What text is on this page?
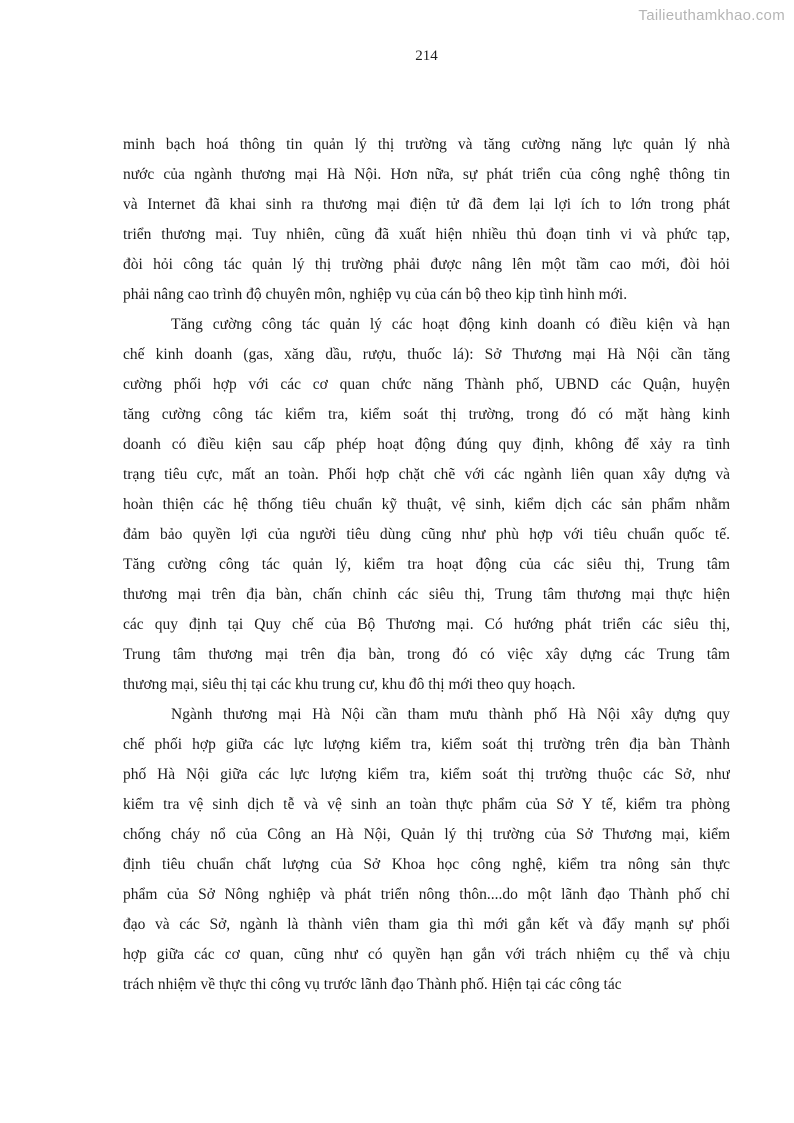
Tailieuthamkhao.com
214
minh bạch hoá thông tin quản lý thị trường và tăng cường năng lực quản lý nhà
nước của ngành thương mại Hà Nội. Hơn nữa, sự phát triển của công nghệ thông tin
và Internet đã khai sinh ra thương mại điện tử đã đem lại lợi ích to lớn trong phát
triển thương mại. Tuy nhiên, cũng đã xuất hiện nhiều thủ đoạn tinh vi và phức tạp,
đòi hỏi công tác quản lý thị trường phải được nâng lên một tầm cao mới, đòi hỏi
phải nâng cao trình độ chuyên môn, nghiệp vụ của cán bộ theo kịp tình hình mới.
Tăng cường công tác quản lý các hoạt động kinh doanh có điều kiện và hạn
chế kinh doanh (gas, xăng dầu, rượu, thuốc lá): Sở Thương mại Hà Nội cần tăng
cường phối hợp với các cơ quan chức năng Thành phố, UBND các Quận, huyện
tăng cường công tác kiểm tra, kiểm soát thị trường, trong đó có mặt hàng kinh
doanh có điều kiện sau cấp phép hoạt động đúng quy định, không để xảy ra tình
trạng tiêu cực, mất an toàn. Phối hợp chặt chẽ với các ngành liên quan xây dựng và
hoàn thiện các hệ thống tiêu chuẩn kỹ thuật, vệ sinh, kiểm dịch các sản phẩm nhằm
đảm bảo quyền lợi của người tiêu dùng cũng như phù hợp với tiêu chuẩn quốc tế.
Tăng cường công tác quản lý, kiểm tra hoạt động của các siêu thị, Trung tâm
thương mại trên địa bàn, chấn chỉnh các siêu thị, Trung tâm thương mại thực hiện
các quy định tại Quy chế của Bộ Thương mại. Có hướng phát triển các siêu thị,
Trung tâm thương mại trên địa bàn, trong đó có việc xây dựng các Trung tâm
thương mại, siêu thị tại các khu trung cư, khu đô thị mới theo quy hoạch.
Ngành thương mại Hà Nội cần tham mưu thành phố Hà Nội xây dựng quy
chế phối hợp giữa các lực lượng kiểm tra, kiểm soát thị trường trên địa bàn Thành
phố Hà Nội giữa các lực lượng kiểm tra, kiểm soát thị trường thuộc các Sở, như
kiểm tra vệ sinh dịch tễ và vệ sinh an toàn thực phẩm của Sở Y tế, kiểm tra phòng
chống cháy nổ của Công an Hà Nội, Quản lý thị trường của Sở Thương mại, kiểm
định tiêu chuẩn chất lượng của Sở Khoa học công nghệ, kiểm tra nông sản thực
phẩm của Sở Nông nghiệp và phát triển nông thôn....do một lãnh đạo Thành phố chỉ
đạo và các Sở, ngành là thành viên tham gia thì mới gắn kết và đẩy mạnh sự phối
hợp giữa các cơ quan, cũng như có quyền hạn gắn với trách nhiệm cụ thể và chịu
trách nhiệm về thực thi công vụ trước lãnh đạo Thành phố. Hiện tại các công tác
